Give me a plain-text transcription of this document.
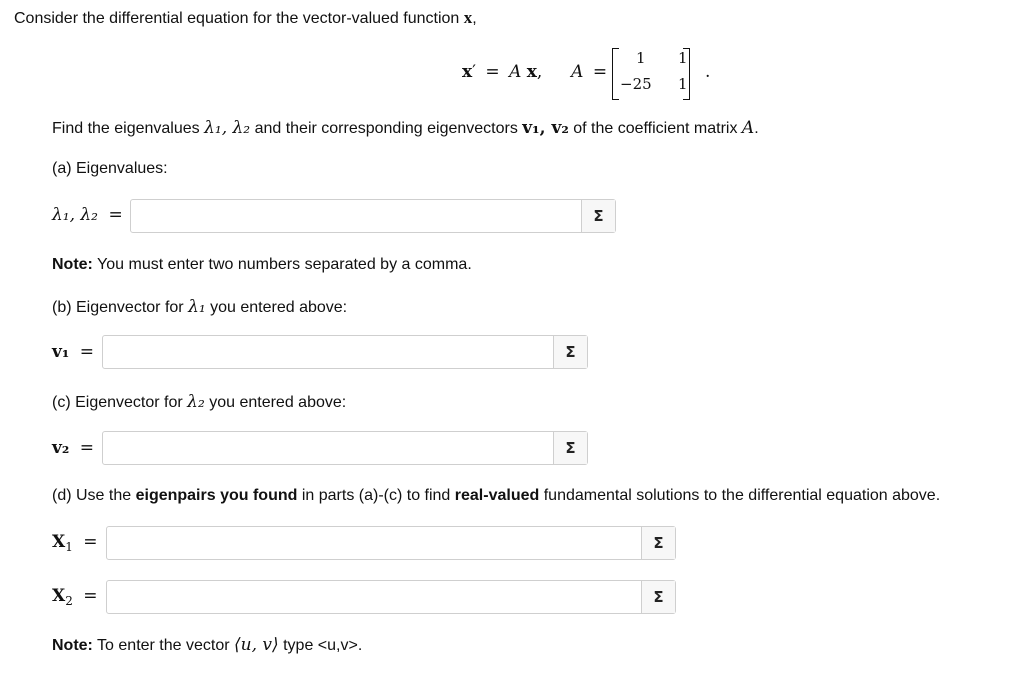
Consider the differential equation for the vector-valued function x,
x′ = A x, A =
1 1
−25 1
.
Find the eigenvalues λ₁, λ₂ and their corresponding eigenvectors v₁, v₂ of the coefficient matrix A.
(a) Eigenvalues:
λ₁, λ₂ =	Σ
Note: You must enter two numbers separated by a comma.
(b) Eigenvector for λ₁ you entered above:
v₁ =	Σ
(c) Eigenvector for λ₂ you entered above:
v₂ =	Σ
(d) Use the eigenpairs you found in parts (a)-(c) to find real-valued fundamental solutions to the differential equation above.
$X_1$ =	Σ
$X_2$ =	Σ
Note: To enter the vector ⟨u, v⟩ type <u,v>.
